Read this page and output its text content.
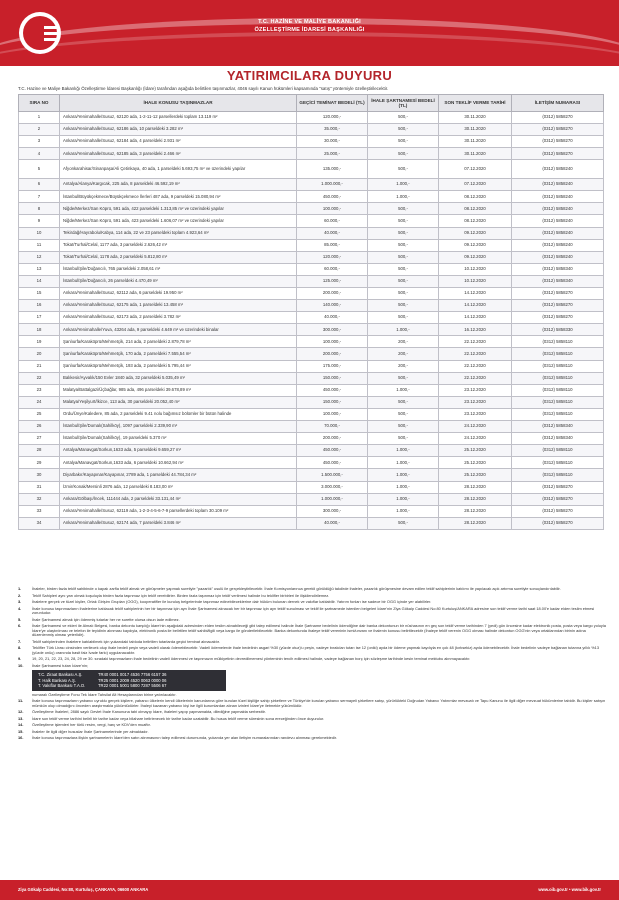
T.C. HAZİNE VE MALİYE BAKANLIĞI
ÖZELLEŞTİRME İDARESİ BAŞKANLIĞI
YATIRIMCILARA DUYURU
T.C. Hazine ve Maliye Bakanlığı Özelleştirme İdaresi Başkanlığı (İdare) tarafından aşağıda belirtilen taşınmazlar, 4046 sayılı Kanun hükümleri kapsamında "satış" yöntemiyle özelleştirilecektir.
SIRA NO	İHALE KONUSU TAŞINMAZLAR	GEÇİCİ TEMİNAT BEDELİ (TL)	İHALE ŞARTNAMESİ BEDELİ (TL)	SON TEKLİF VERME TARİHİ	İLETİŞİM NUMARASI
1	Ankara/Yenimahalle/Susuz, 62120 ada, 1-2-11-12 parsellerdeki toplam 13.119 m²	120.000,-	500,-	30.11.2020	(0312) 5858270
2	Ankara/Yenimahalle/Susuz, 62186 ada, 10 parseldeki 3.282 m²	35.000,-	500,-	30.11.2020	(0312) 5858270
3	Ankara/Yenimahalle/Susuz, 62184 ada, 4 parseldeki 2.931 m²	30.000,-	500,-	30.11.2020	(0312) 5858270
4	Ankara/Yenimahalle/Susuz, 62185 ada, 3 parseldeki 2.466 m²	25.000,-	500,-	30.11.2020	(0312) 5858270
5	Afyonkarahisar/Sinanpaşa/Ali Çetinkaya, 40 ada, 1 parseldeki 5.693,75 m² ve üzerindeki yapılar	135.000,-	500,-	07.12.2020	(0312) 5858240
6	Antalya/Alanya/Kargıcak, 225 ada, 8 parseldeki 46.592,19 m²	1.000.000,-	1.000,-	07.12.2020	(0312) 5858240
7	İstanbul/Büyükçekmece/Büyükçekmece İlerleri 487 ada, 9 parseldeki 15.080,94 m²	450.000,-	1.000,-	08.12.2020	(0312) 5858240
8	Niğde/Merkez/San Köprü, 591 ada, 422 parseldeki 1.313,85 m² ve üzerindeki yapılar	100.000,-	500,-	08.12.2020	(0312) 5858240
9	Niğde/Merkez/San Köprü, 591 ada, 423 parseldeki 1.606,07 m² ve üzerindeki yapılar	60.000,-	500,-	08.12.2020	(0312) 5858240
10	Tekirdağ/Hayrabolu/Kabya, 114 ada, 22 ve 23 parseldeki toplam 4.923,64 m²	40.000,-	500,-	09.12.2020	(0312) 5858240
11	Tokat/Turhal/Celal, 1177 ada, 3 parseldeki 2.626,42 m²	85.000,-	500,-	09.12.2020	(0312) 5858240
12	Tokat/Turhal/Celal, 1178 ada, 2 parseldeki 5.812,80 m²	120.000,-	500,-	09.12.2020	(0312) 5858240
13	İstanbul/Şile/Doğancılı, 765 parseldeki 2.058,61 m²	60.000,-	500,-	10.12.2020	(0312) 5858340
14	İstanbul/Şile/Doğancılı, 26 parseldeki 4.470,49 m²	125.000,-	500,-	10.12.2020	(0312) 5858340
15	Ankara/Yenimahalle/Susuz, 62112 ada, 6 parseldeki 19.950 m²	200.000,-	500,-	14.12.2020	(0312) 5858270
16	Ankara/Yenimahalle/Susuz, 62175 ada, 1 parseldeki 13.458 m²	140.000,-	500,-	14.12.2020	(0312) 5858270
17	Ankara/Yenimahalle/Susuz, 62173 ada, 2 parseldeki 3.782 m²	40.000,-	500,-	14.12.2020	(0312) 5858270
18	Ankara/Yenimahalle/Yuva, 43264 ada, 9 parseldeki 4.649 m² ve üzerindeki binalar	300.000,-	1.000,-	16.12.2020	(0312) 5858330
19	Şanlıurfa/Karaköprü/Mehmetçik, 214 ada, 2 parseldeki 2.879,78 m²	100.000,-	200,-	22.12.2020	(0312) 5858110
20	Şanlıurfa/Karaköprü/Mehmetçik, 170 ada, 2 parseldeki 7.555,54 m²	200.000,-	200,-	22.12.2020	(0312) 5858110
21	Şanlıurfa/Karaköprü/Mehmetçik, 193 ada, 2 parseldeki 5.795,44 m²	175.000,-	200,-	22.12.2020	(0312) 5858110
22	Balıkesir/Ayvalık/150 Evler 1840 ada, 32 parseldeki 5.035,49 m²	150.000,-	500,-	22.12.2020	(0312) 5858110
23	Malatya/Battalgazi/Üçbağlar, 985 ada, 496 parseldeki 39.678,89 m²	450.000,-	1.000,-	23.12.2020	(0312) 5858110
24	Malatya/Yeşilyurt/İkizce, 113 ada, 30 parseldeki 20.052,40 m²	150.000,-	500,-	23.12.2020	(0312) 5858110
25	Ordu/Ünye/Kaledere, 85 ada, 2 parseldeki 9.41 nolu bağımsız bölümler bir bütün halinde	100.000,-	500,-	23.12.2020	(0312) 5858110
26	İstanbul/Şile/Domalı(Sahilköy), 1097 parseldeki 2.339,90 m²	70.000,-	500,-	24.12.2020	(0312) 5858340
27	İstanbul/Şile/Domalı(Sahilköy), 19 parseldeki 5.370 m²	200.000,-	500,-	24.12.2020	(0312) 5858340
28	Antalya/Manavgat/Sorkun,1633 ada, 5 parseldeki 9.659,27 m²	450.000,-	1.000,-	25.12.2020	(0312) 5858110
29	Antalya/Manavgat/Sorkun,1633 ada, 6 parseldeki 10.662,94 m²	450.000,-	1.000,-	25.12.2020	(0312) 5858110
30	Diyarbakır/Kayapınar/Kayapınar, 2789 ada, 1 parseldeki 44.784,34 m²	1.500.000,-	1.000,-	25.12.2020	(0312) 5858110
31	İzmir/Konak/Mersinli 2876 ada, 12 parseldeki 8.183,00 m²	3.000.000,-	1.000,-	28.12.2020	(0312) 5858270
32	Ankara/Gölbaşı/İncek, 111444 ada, 2 parseldeki 33.131,44 m²	1.000.000,-	1.000,-	28.12.2020	(0312) 5858270
33	Ankara/Yenimahalle/Susuz, 62119 ada, 1-2-3-4-5-6-7-9 parsellerdeki toplam 30.109 m²	300.000,-	1.000,-	28.12.2020	(0312) 5858270
34	Ankara/Yenimahalle/Susuz, 62174 ada, 7 parseldeki 3.846 m²	40.000,-	500,-	28.12.2020	(0312) 5858270
1.	İhaleler, birden fazla teklif sahibinde o kapalı zarfla teklif almak ve görüşmeler yapmak suretiyle "pazarlık" usulü ile gerçekleştirilecektir. İhale Komisyonlarınca gerekli görüldüğü takdirde ihaleler, pazarlık görüşmesine devam edilen teklif sahiplerinin katılımı ile yapılacak açık artırma suretiyle sonuçlandırılabilir.
2.	Teklif Sahipleri aynı yarı olmak koşuluyla birden fazla taşınmaz için teklif verebilirler. Birden fazla taşınmaz için teklif verilmesi halinde bu teklifler birbirleri ile ilişkilendirilemez.
3.	İhalelere gerçek ve tüzel kişiler, Ortak Girişim Grupları (OGG), kooperatifler ile kuruluş belgelerinde taşınmaz edinebileceklerine dair hüküm bulunan dernek ve vakıflar katılabilir. Yatırım fonları ise sadece bir OGG içinde yer alabilirler.
4.	İhale konusu taşınmazların ihalelerine katılacak teklif sahiplerinin her bir taşınmaz için ayrı İhale Şartnamesi alınacak her bir taşınmaz için ayrı teklif sunulması ve teklif ile şartnamede istenilen belgeleri İdare'nin Ziya Gökalp Caddesi No:80 Kurtuluş/ANKARA adresine son teklif verme tarihi saat 18.00'e kadar elden teslim etmesi zorunludur.
5.	İhale Şartnamesi almak için ödenmiş tutarlar her ne surette olursa olsun iade edilmez.
6.	İhale Şartnamesi ve ekleri ile Almalı Belgesi, banka dekontu karşılığı İdare'nin aşağıdaki adresinden elden teslim alınabileceği gibi talep edilmesi halinde İhale Şartname bedelinin ödendiğine dair banka dekontunun bir nüshasının en geç son teklif verme tarihinden 7 (yedi) gün öncesine kadar elektronik posta, posta veya kargo yoluyla İdare'ye ulaştırılması ve telefon ile teyidinin alınması kaydıyla, elektronik posta ile belirtilen teklif sahibi/ilgili veya kargo ile gönderilebilecektir. Banka dekontunda ihaleye teklif vereninin ismi/unvanı ve ihalenin konusu belirtilecektir (İhaleye teklif verenin OGG olması halinde dekontun OGG'nin veya ortaklarından birinin adına düzenlenmiş olması yeterlidir).
7.	Teklif sahiplerinden ihalelere katılabilmek için yukarıdaki tabloda belirtilen tutarlarda geçici teminat alınacaktır.
8.	Teklifler Türk Lirası cinsinden verilecek olup ihale bedeli peşin veya vadeli olarak ödenebilecektir. Vadeli ödemelerde ihale bedelinin asgari %30 (yüzde otuz)'u peşin, vadeye bırakılan tutarı ise 12 (oniki) ayda bir ödeme yapmak kaydıyla en çok 48 (kırksekiz) ayda ödenebilecektir. İhale bedelinin vadeye bağlanan tutarına yıllık %13 (yüzde onüç) oranında basit faiz İvade farkı) uygulanacaktır.
9.	19, 20, 21, 22, 23, 24, 28, 29 ve 30. sıradaki taşınmazların ihale bedelinin vadeli ödenmesi ve taşınmazın mülkiyetinin devredilmemesi yönteminin tercih edilmesi halinde, vadeye bağlanan borç için sözleşme tarihinde kesin teminat mektubu alınmayacaktır.
10.	İhale Şartnamesi tutarı İdare'nin;
T.C. Ziraat Bankası A.Ş.	TR40 0001 0017 4536 7756 6157 36
T. Halk Bankası A.Ş.	TR25 0001 2009 4520 0063 0000 06
T. Vakıflar Bankası T.A.O.	TR22 0001 5001 5800 7287 5506 67
numaralı Özelleştirme Fonu Tek İdare Tahsilat Alt Hesaplarından birine yatırılacaktır.
11.	İhale konusu taşınmazların yabancı uyruklu gerçek kişilere, yabancı ülkelerin kendi ülkelerinin kanunlarına göre kurulan tüzel kişiliğe sahip şirketlere ve Türkiye'de kurulan yabancı sermayeli şirketlere satışı, yürürlükteki Doğrudan Yabancı Yatırımlar mevzuatı ve Tapu Kanunu ile ilgili diğer mevzuat hükümlerine tabidir. Bu kişiler satışın mümkün olup olmadığını önceden araştırmakla yükümlüdürler. İhaleyi kazanan yabancı kişi ise ilgili kurumlardan alınan izinleri İdare'ye iletmekle yükümlüdür.
12.	Özelleştirme İhaleleri, 2886 sayılı Devlet İhale Kanununa tabi olmayıp İdare, ihaleleri yapıp yapmamakta, dilediğine yapmakta serbesttir.
13.	İdare son teklif verme tarihini belirli bir tarihe kadar veya bilahare belirlenecek bir tarihe kadar uzatabilir. Bu husus teklif verme süresinin sona ereceğinden önce duyurulur.
14.	Özelleştirme işlemleri her türlü resim, vergi, harç ve KDV'den muaftır.
15.	İhaleler ile ilgili diğer hususlar İhale Şartnamelerinde yer almaktadır.
16.	İhale konusu taşınmazlara ilişkin şartnamelerin İdare'den satın alınmasının talep edilmesi durumunda, yukarıda yer alan iletişim numaralarından randevu alınması gerekmektedir.
Ziya Gökalp Caddesi, No:80, Kurtuluş, ÇANKAYA, 06600 ANKARA	www.oib.gov.tr • www.bik.gov.tr
